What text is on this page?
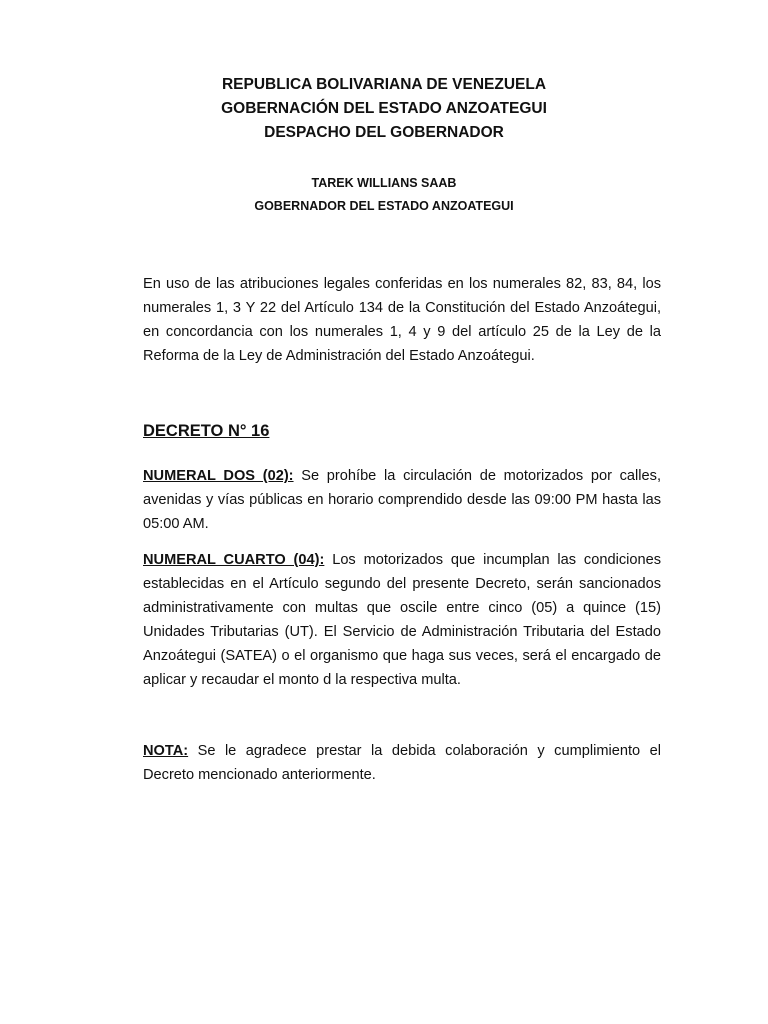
REPUBLICA BOLIVARIANA DE VENEZUELA
GOBERNACIÓN DEL ESTADO ANZOATEGUI
DESPACHO DEL GOBERNADOR
TAREK WILLIANS SAAB
GOBERNADOR DEL ESTADO ANZOATEGUI

En uso de las atribuciones legales conferidas en los numerales 82, 83, 84, los numerales 1, 3 Y 22 del Artículo 134 de la Constitución del Estado Anzoátegui, en concordancia con los numerales 1, 4 y 9 del artículo 25 de la Ley de la Reforma de la Ley de Administración del Estado Anzoátegui.

DECRETO N° 16

NUMERAL DOS (02): Se prohíbe la circulación de motorizados por calles, avenidas y vías públicas en horario comprendido desde las 09:00 PM hasta las 05:00 AM.

NUMERAL CUARTO (04): Los motorizados que incumplan las condiciones establecidas en el Artículo segundo del presente Decreto, serán sancionados administrativamente con multas que oscile entre cinco (05) a quince (15) Unidades Tributarias (UT). El Servicio de Administración Tributaria del Estado Anzoátegui (SATEA) o el organismo que haga sus veces, será el encargado de aplicar y recaudar el monto d la respectiva multa.

NOTA: Se le agradece prestar la debida colaboración y cumplimiento el Decreto mencionado anteriormente.
